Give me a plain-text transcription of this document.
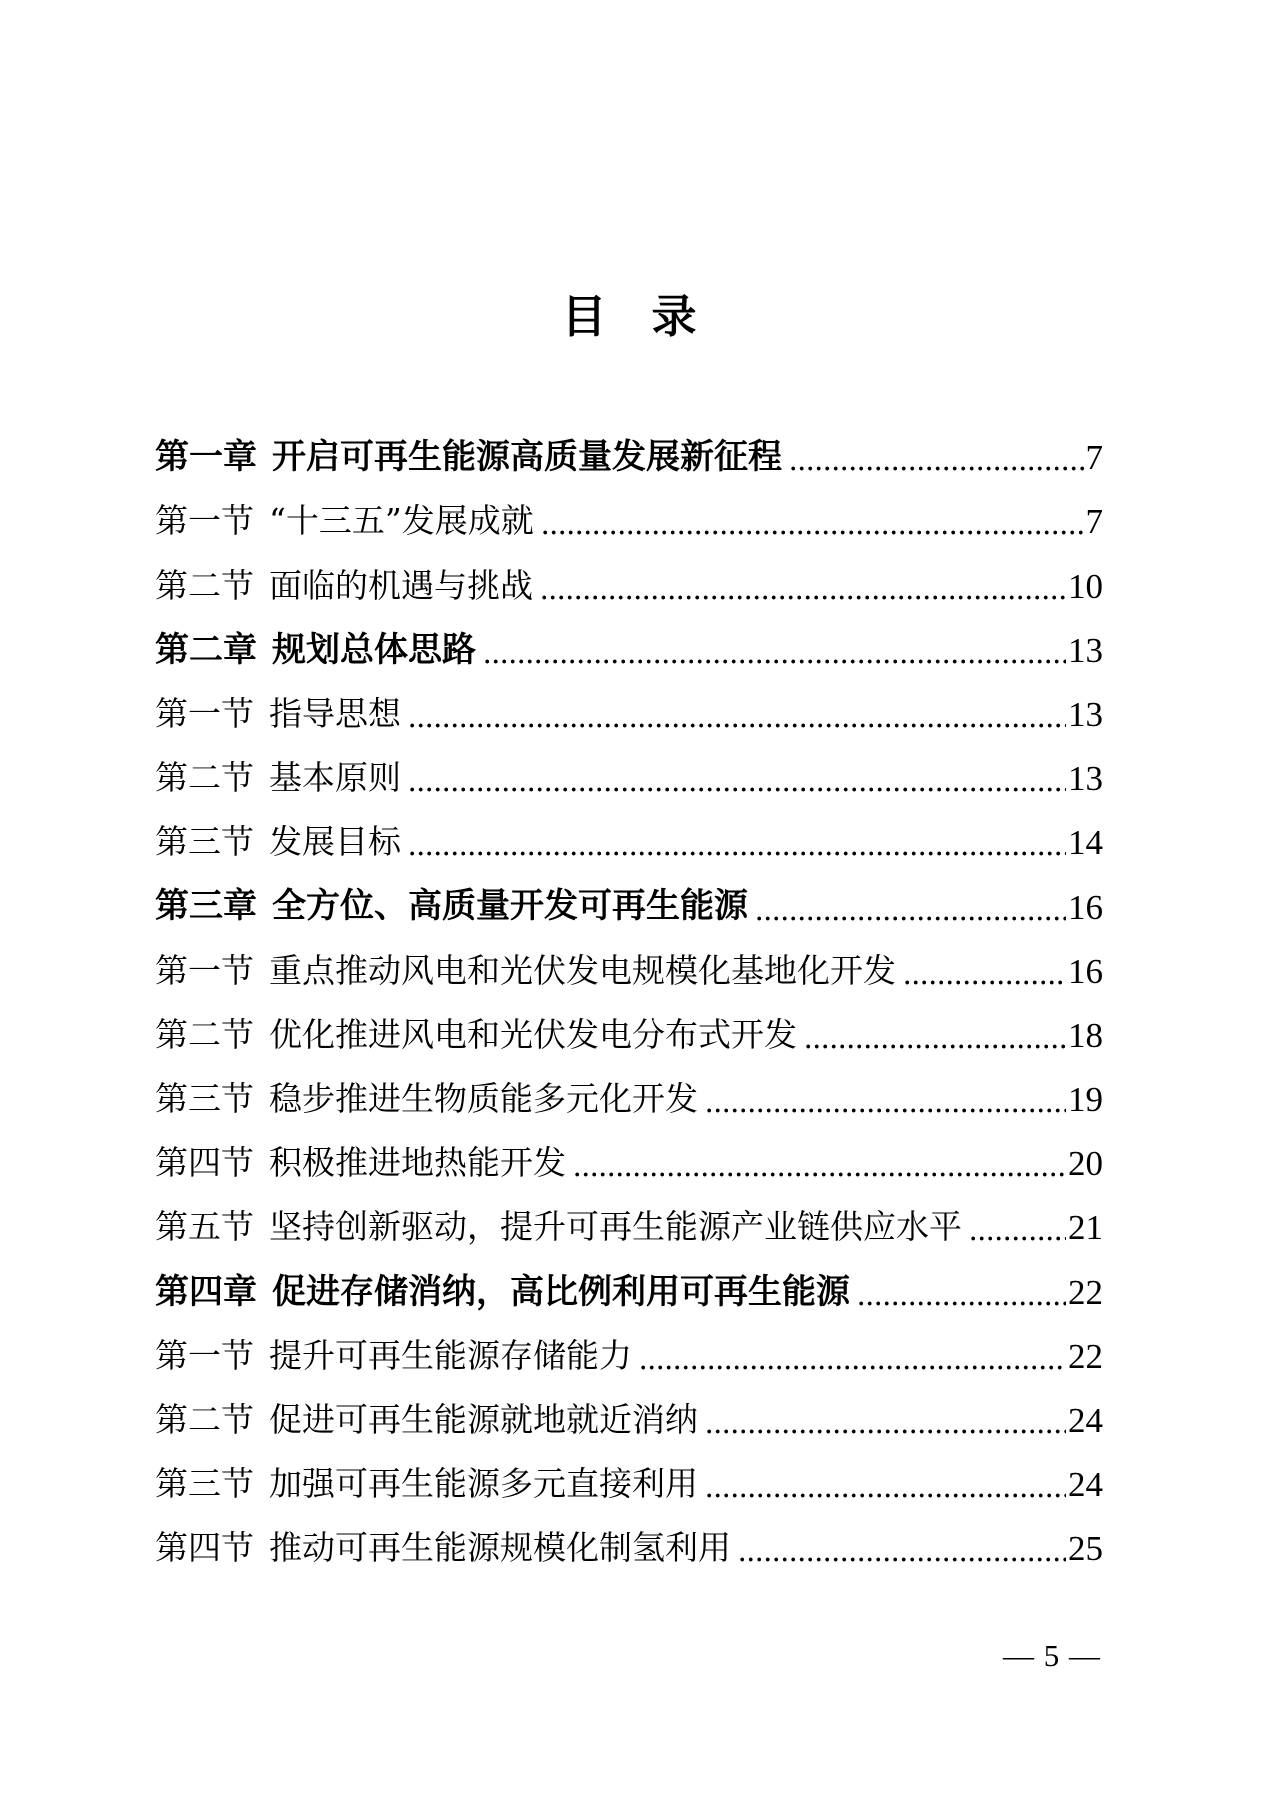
目　录
第一章 开启可再生能源高质量发展新征程	7
第一节 “十三五”发展成就	7
第二节 面临的机遇与挑战	10
第二章 规划总体思路	13
第一节 指导思想	13
第二节 基本原则	13
第三节 发展目标	14
第三章 全方位、高质量开发可再生能源	16
第一节 重点推动风电和光伏发电规模化基地化开发	16
第二节 优化推进风电和光伏发电分布式开发	18
第三节 稳步推进生物质能多元化开发	19
第四节 积极推进地热能开发	20
第五节 坚持创新驱动，提升可再生能源产业链供应水平	21
第四章 促进存储消纳，高比例利用可再生能源	22
第一节 提升可再生能源存储能力	22
第二节 促进可再生能源就地就近消纳	24
第三节 加强可再生能源多元直接利用	24
第四节 推动可再生能源规模化制氢利用	25
— 5 —
